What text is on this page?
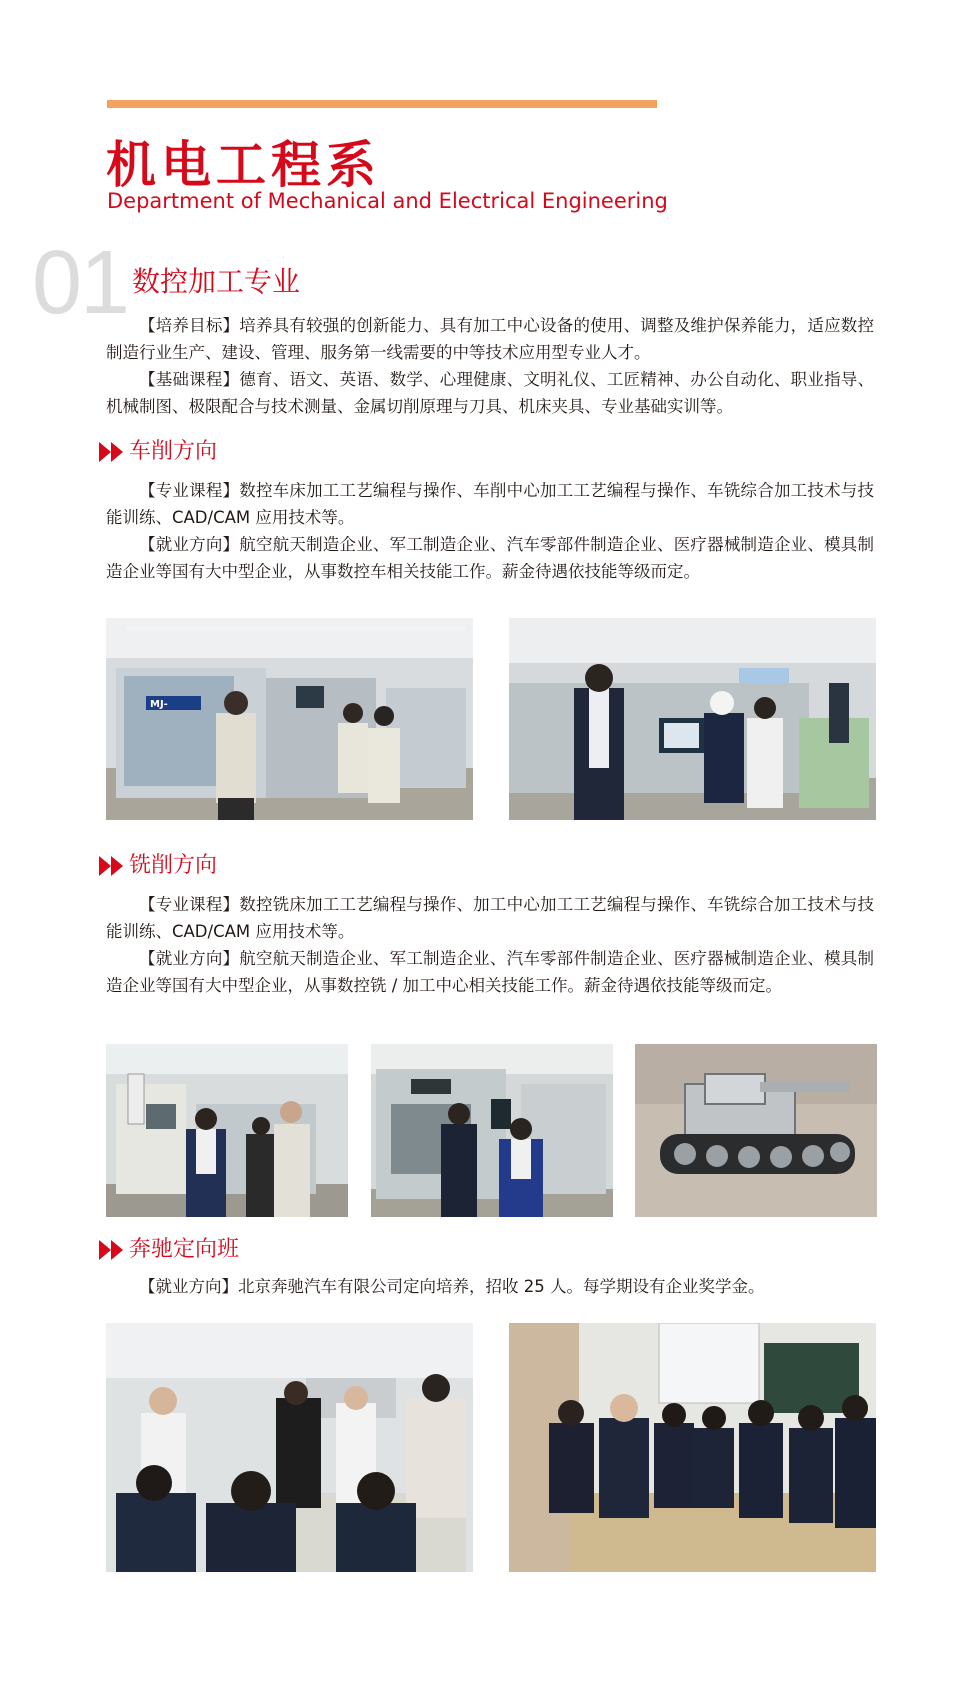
机电工程系
Department of Mechanical and Electrical Engineering
01 数控加工专业

【培养目标】培养具有较强的创新能力、具有加工中心设备的使用、调整及维护保养能力，适应数控制造行业生产、建设、管理、服务第一线需要的中等技术应用型专业人才。

【基础课程】德育、语文、英语、数学、心理健康、文明礼仪、工匠精神、办公自动化、职业指导、机械制图、极限配合与技术测量、金属切削原理与刀具、机床夹具、专业基础实训等。

车削方向

【专业课程】数控车床加工工艺编程与操作、车削中心加工工艺编程与操作、车铣综合加工技术与技能训练、CAD/CAM 应用技术等。

【就业方向】航空航天制造企业、军工制造企业、汽车零部件制造企业、医疗器械制造企业、模具制造企业等国有大中型企业，从事数控车相关技能工作。薪金待遇依技能等级而定。

MJ-
铣削方向

【专业课程】数控铣床加工工艺编程与操作、加工中心加工工艺编程与操作、车铣综合加工技术与技能训练、CAD/CAM 应用技术等。

【就业方向】航空航天制造企业、军工制造企业、汽车零部件制造企业、医疗器械制造企业、模具制造企业等国有大中型企业，从事数控铣 / 加工中心相关技能工作。薪金待遇依技能等级而定。

奔驰定向班

【就业方向】北京奔驰汽车有限公司定向培养，招收 25 人。每学期设有企业奖学金。
